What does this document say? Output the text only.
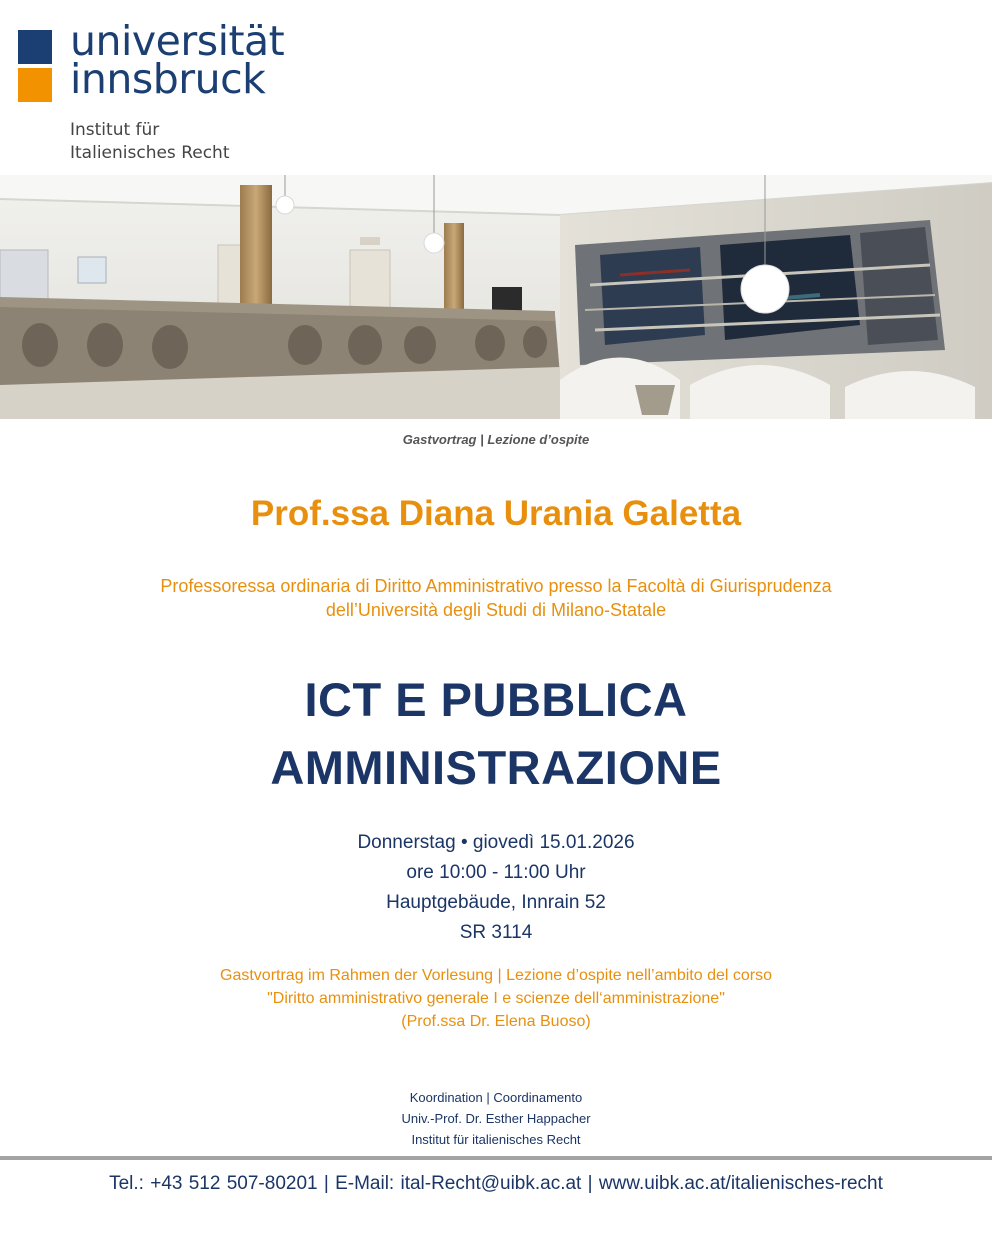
universität
innsbruck
Institut für
Italienisches Recht
Gastvortrag | Lezione d’ospite
Prof.ssa Diana Urania Galetta
Professoressa ordinaria di Diritto Amministrativo presso la Facoltà di Giurisprudenza
dell’Università degli Studi di Milano-Statale
ICT E PUBBLICA
AMMINISTRAZIONE
Donnerstag • giovedì 15.01.2026
ore 10:00 - 11:00 Uhr
Hauptgebäude, Innrain 52
SR 3114
Gastvortrag im Rahmen der Vorlesung | Lezione d’ospite nell’ambito del corso
"Diritto amministrativo generale I e scienze dell‘amministrazione"
(Prof.ssa Dr. Elena Buoso)
Koordination | Coordinamento
Univ.-Prof. Dr. Esther Happacher
Institut für italienisches Recht
Tel.: +43 512 507-80201 | E-Mail: ital-Recht@uibk.ac.at | www.uibk.ac.at/italienisches-recht
